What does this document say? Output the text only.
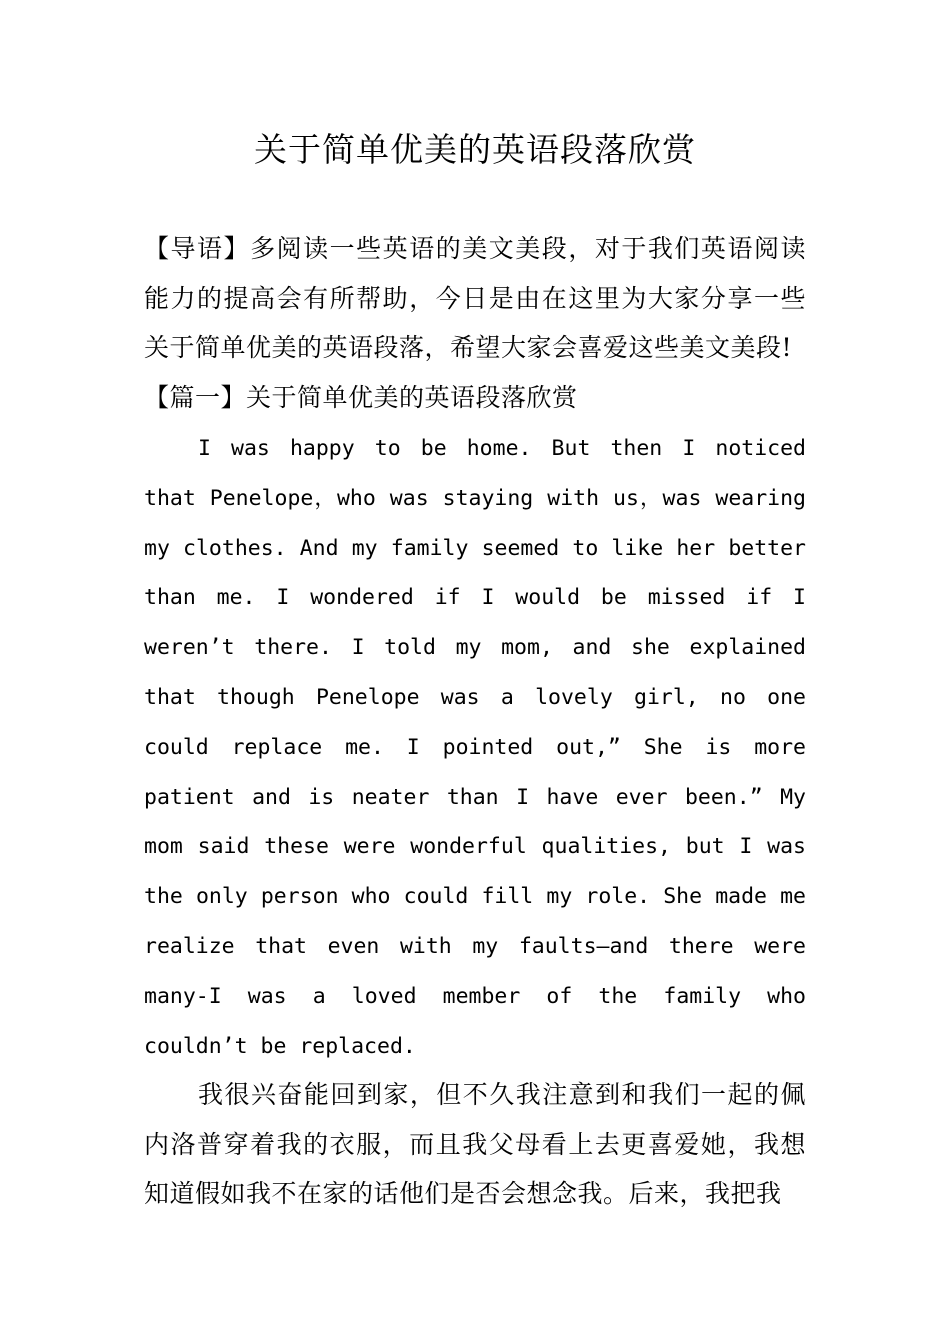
关于简单优美的英语段落欣赏

【导语】多阅读一些英语的美文美段，对于我们英语阅读能力的提高会有所帮助，今日是由在这里为大家分享一些关于简单优美的英语段落，希望大家会喜爱这些美文美段!

【篇一】关于简单优美的英语段落欣赏

I was happy to be home. But then I noticed that Penelope，who was staying with us，was wearing my clothes. And my family seemed to like her better than me. I wondered if I would be missed if I weren’t there. I told my mom, and she explained that though Penelope was a lovely girl, no one could replace me. I pointed out,” She is more patient and is neater than I have ever been.” My mom said these were wonderful qualities, but I was the only person who could fill my role. She made me realize that even with my faults—and there were many-I was a loved member of the family who couldn’t be replaced.

我很兴奋能回到家，但不久我注意到和我们一起的佩内洛普穿着我的衣服，而且我父母看上去更喜爱她，我想知道假如我不在家的话他们是否会想念我。后来，我把我
